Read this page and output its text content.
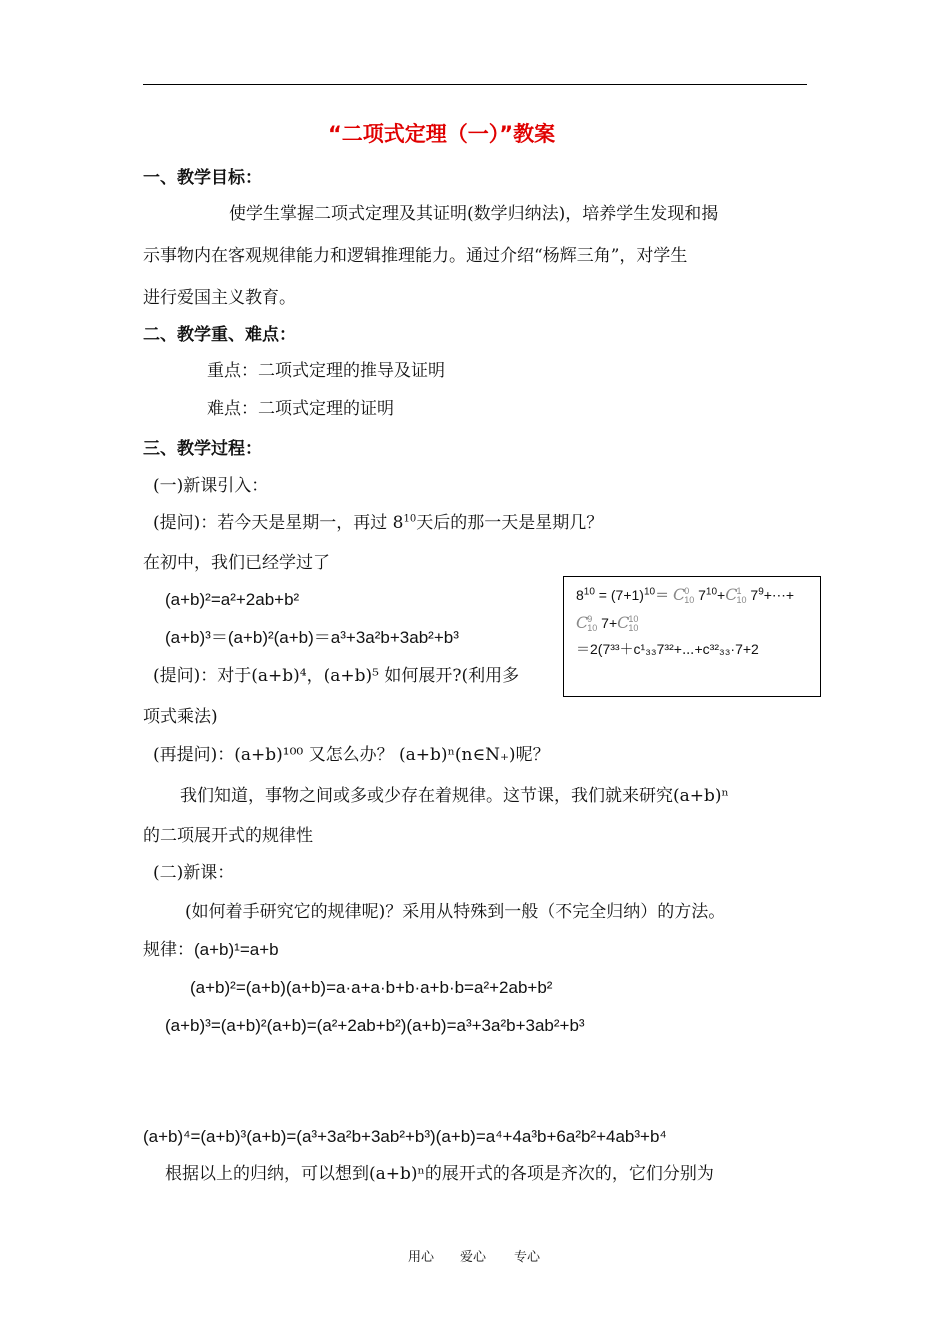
“二项式定理（一）”教案
一、教学目标：
使学生掌握二项式定理及其证明(数学归纳法)，培养学生发现和揭
示事物内在客观规律能力和逻辑推理能力。通过介绍“杨辉三角”，对学生
进行爱国主义教育。
二、教学重、难点：
重点：二项式定理的推导及证明
难点：二项式定理的证明
三、教学过程：
(一)新课引入：
(提问)：若今天是星期一，再过 $8^{10}$天后的那一天是星期几？
在初中，我们已经学过了
(a+b)²=a²+2ab+b²
(a+b)³＝(a+b)²(a+b)＝a³+3a²b+3ab²+b³
(提问)：对于(a+b)⁴，(a+b)⁵ 如何展开?(利用多
项式乘法)
(再提问)：(a+b)¹⁰⁰ 又怎么办？ (a+b)ⁿ(n∈N₊)呢？
我们知道，事物之间或多或少存在着规律。这节课，我们就来研究(a+b)ⁿ
的二项展开式的规律性
(二)新课：
(如何着手研究它的规律呢)？采用从特殊到一般（不完全归纳）的方法。
规律：(a+b)¹=a+b
(a+b)²=(a+b)(a+b)=a·a+a·b+b·a+b·b=a²+2ab+b²
(a+b)³=(a+b)²(a+b)=(a²+2ab+b²)(a+b)=a³+3a²b+3ab²+b³
(a+b)⁴=(a+b)³(a+b)=(a³+3a²b+3ab²+b³)(a+b)=a⁴+4a³b+6a²b²+4ab³+b⁴
根据以上的归纳，可以想到(a+b)ⁿ的展开式的各项是齐次的，它们分别为
$8^{10} = (7+1)^{10}= C0$
10 $7^{10}+C1$
10 $7^9+\cdots+$
C9
10 7+C10
10
＝2(7³³＋c¹₃₃7³²+⋯+c³²₃₃·7+2
用心 爱心 专心
